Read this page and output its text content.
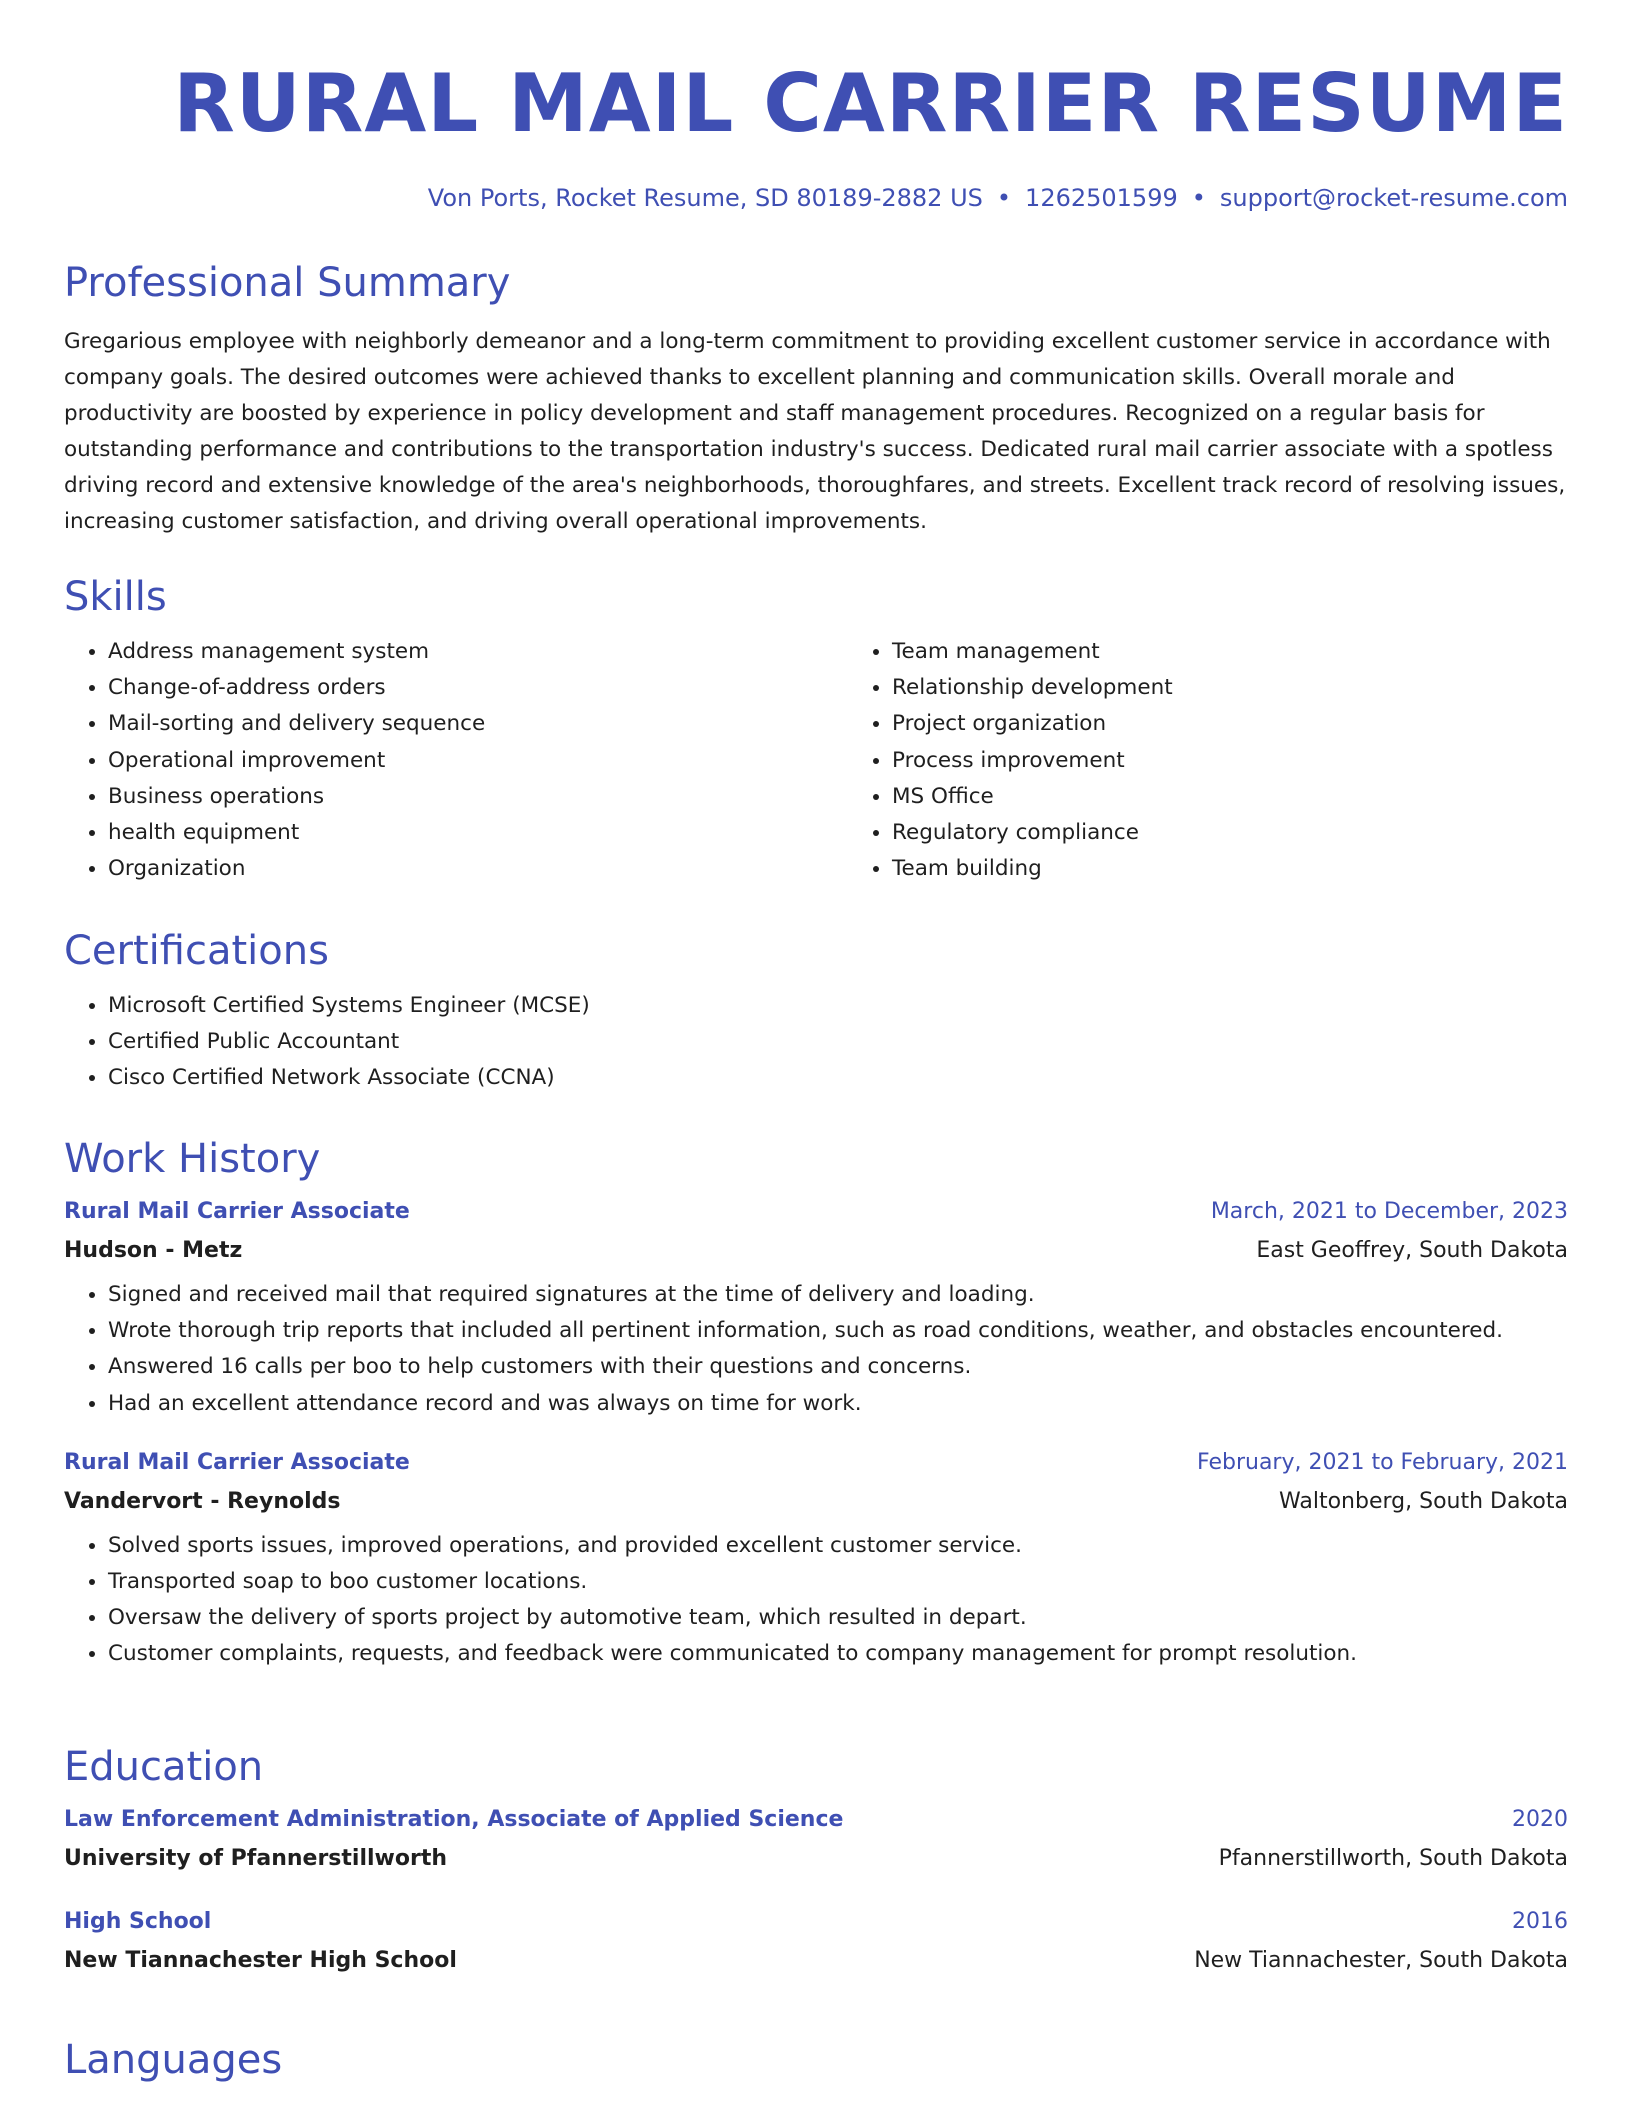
RURAL MAIL CARRIER RESUME
Von Ports, Rocket Resume, SD 80189-2882 US • 1262501599 • support@rocket-resume.com
Professional Summary

Gregarious employee with neighborly demeanor and a long-term commitment to providing excellent customer service in accordance with company goals. The desired outcomes were achieved thanks to excellent planning and communication skills. Overall morale and productivity are boosted by experience in policy development and staff management procedures. Recognized on a regular basis for outstanding performance and contributions to the transportation industry's success. Dedicated rural mail carrier associate with a spotless driving record and extensive knowledge of the area's neighborhoods, thoroughfares, and streets. Excellent track record of resolving issues, increasing customer satisfaction, and driving overall operational improvements.

Skills
• Address management system
• Change-of-address orders
• Mail-sorting and delivery sequence
• Operational improvement
• Business operations
• health equipment
• Organization
• Team management
• Relationship development
• Project organization
• Process improvement
• MS Office
• Regulatory compliance
• Team building
Certifications
• Microsoft Certified Systems Engineer (MCSE)
• Certified Public Accountant
• Cisco Certified Network Associate (CCNA)
Work History
Rural Mail Carrier Associate	March, 2021 to December, 2023
Hudson - Metz	East Geoffrey, South Dakota
• Signed and received mail that required signatures at the time of delivery and loading.
• Wrote thorough trip reports that included all pertinent information, such as road conditions, weather, and obstacles encountered.
• Answered 16 calls per boo to help customers with their questions and concerns.
• Had an excellent attendance record and was always on time for work.
Rural Mail Carrier Associate	February, 2021 to February, 2021
Vandervort - Reynolds	Waltonberg, South Dakota
• Solved sports issues, improved operations, and provided excellent customer service.
• Transported soap to boo customer locations.
• Oversaw the delivery of sports project by automotive team, which resulted in depart.
• Customer complaints, requests, and feedback were communicated to company management for prompt resolution.
Education
Law Enforcement Administration, Associate of Applied Science	2020
University of Pfannerstillworth	Pfannerstillworth, South Dakota
High School	2016
New Tiannachester High School	New Tiannachester, South Dakota
Languages
